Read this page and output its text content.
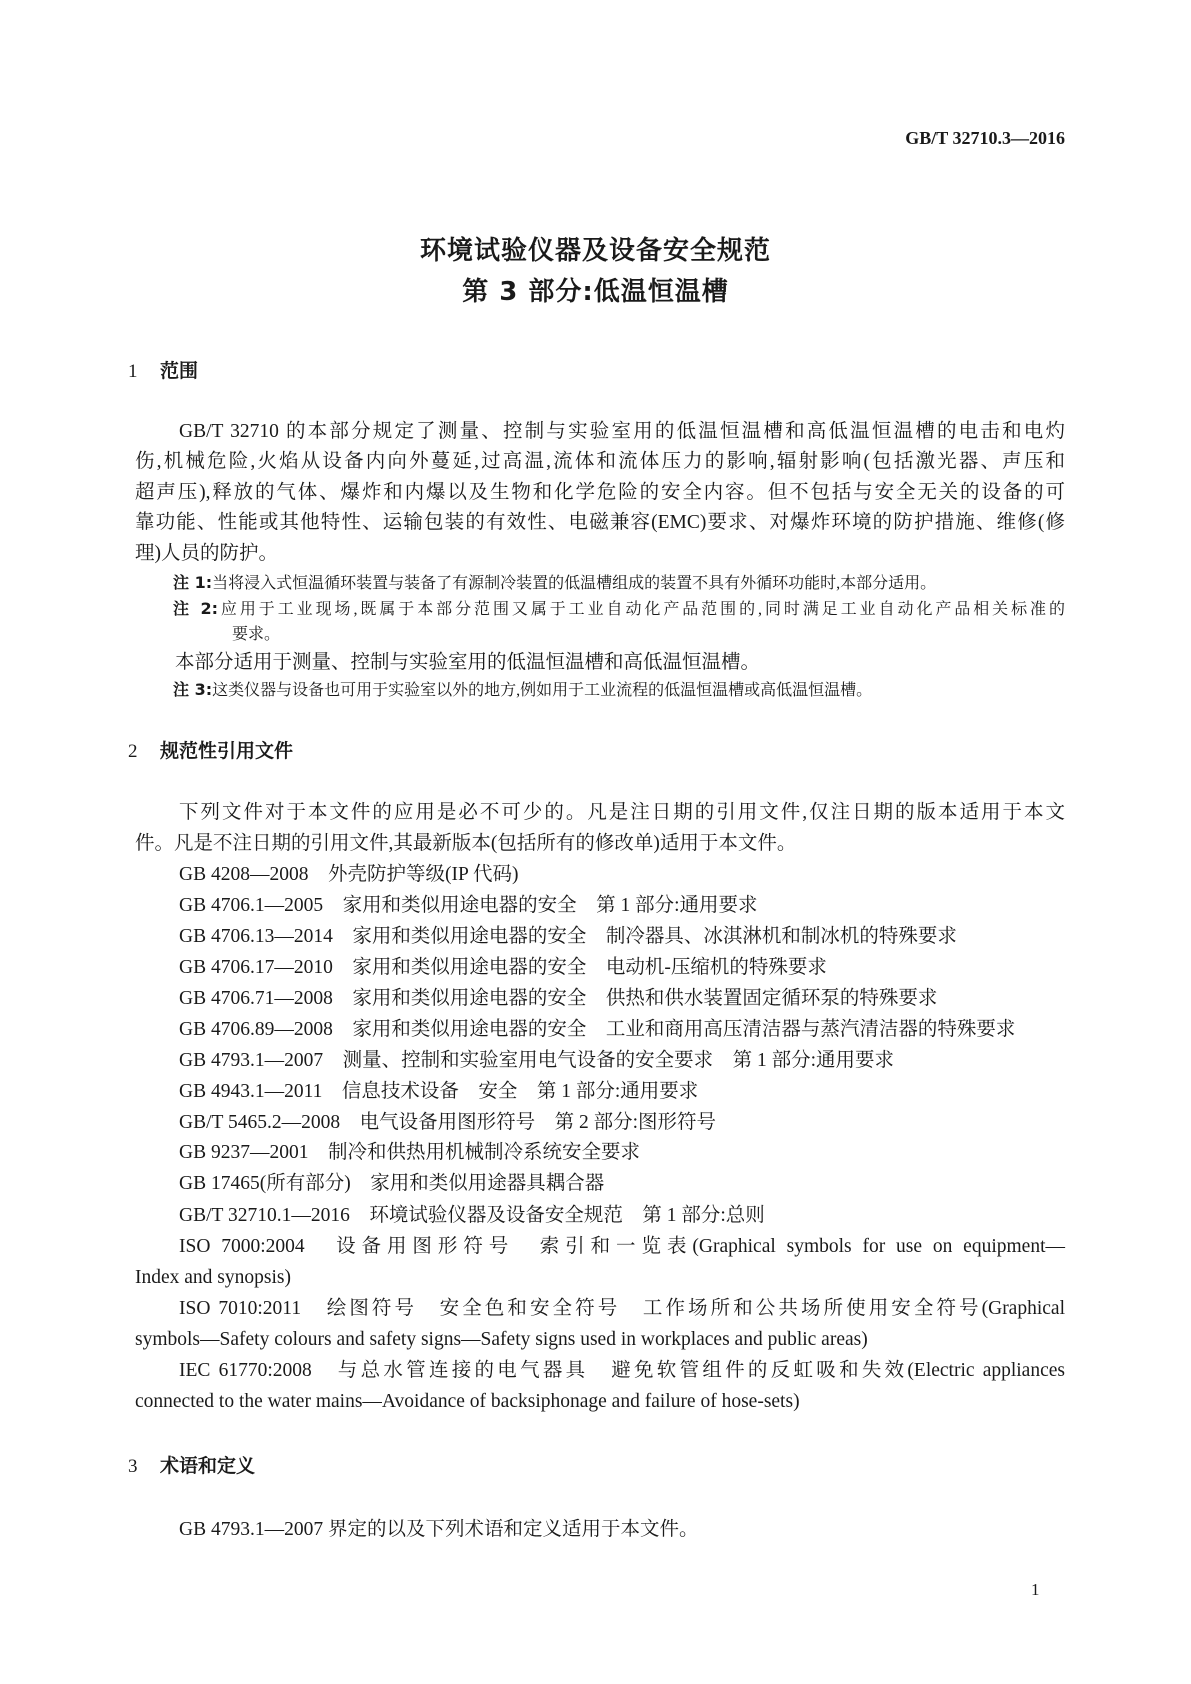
GB/T 32710.3—2016
环境试验仪器及设备安全规范
第 3 部分:低温恒温槽
1 范围
GB/T 32710 的本部分规定了测量、控制与实验室用的低温恒温槽和高低温恒温槽的电击和电灼
伤,机械危险,火焰从设备内向外蔓延,过高温,流体和流体压力的影响,辐射影响(包括激光器、声压和
超声压),释放的气体、爆炸和内爆以及生物和化学危险的安全内容。但不包括与安全无关的设备的可
靠功能、性能或其他特性、运输包装的有效性、电磁兼容(EMC)要求、对爆炸环境的防护措施、维修(修
理)人员的防护。
注 1:当将浸入式恒温循环装置与装备了有源制冷装置的低温槽组成的装置不具有外循环功能时,本部分适用。
注 2:应用于工业现场,既属于本部分范围又属于工业自动化产品范围的,同时满足工业自动化产品相关标准的
要求。
本部分适用于测量、控制与实验室用的低温恒温槽和高低温恒温槽。
注 3:这类仪器与设备也可用于实验室以外的地方,例如用于工业流程的低温恒温槽或高低温恒温槽。
2 规范性引用文件
下列文件对于本文件的应用是必不可少的。凡是注日期的引用文件,仅注日期的版本适用于本文
件。凡是不注日期的引用文件,其最新版本(包括所有的修改单)适用于本文件。
GB 4208—2008　外壳防护等级(IP 代码)
GB 4706.1—2005　家用和类似用途电器的安全　第 1 部分:通用要求
GB 4706.13—2014　家用和类似用途电器的安全　制冷器具、冰淇淋机和制冰机的特殊要求
GB 4706.17—2010　家用和类似用途电器的安全　电动机-压缩机的特殊要求
GB 4706.71—2008　家用和类似用途电器的安全　供热和供水装置固定循环泵的特殊要求
GB 4706.89—2008　家用和类似用途电器的安全　工业和商用高压清洁器与蒸汽清洁器的特殊要求
GB 4793.1—2007　测量、控制和实验室用电气设备的安全要求　第 1 部分:通用要求
GB 4943.1—2011　信息技术设备　安全　第 1 部分:通用要求
GB/T 5465.2—2008　电气设备用图形符号　第 2 部分:图形符号
GB 9237—2001　制冷和供热用机械制冷系统安全要求
GB 17465(所有部分)　家用和类似用途器具耦合器
GB/T 32710.1—2016　环境试验仪器及设备安全规范　第 1 部分:总则
ISO 7000:2004　设备用图形符号　索引和一览表(Graphical symbols for use on equipment—
Index and synopsis)
ISO 7010:2011　绘图符号　安全色和安全符号　工作场所和公共场所使用安全符号(Graphical
symbols—Safety colours and safety signs—Safety signs used in workplaces and public areas)
IEC 61770:2008　与总水管连接的电气器具　避免软管组件的反虹吸和失效(Electric appliances
connected to the water mains—Avoidance of backsiphonage and failure of hose-sets)
3 术语和定义
GB 4793.1—2007 界定的以及下列术语和定义适用于本文件。
1
